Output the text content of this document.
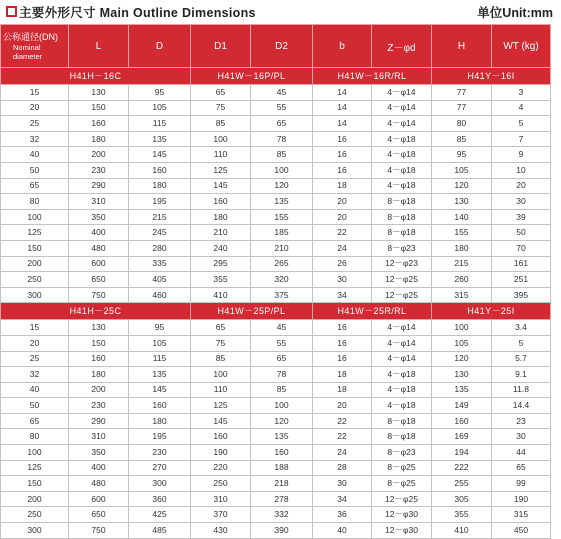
主要外形尺寸 Main Outline Dimensions	单位Unit:mm
公称通径(DN)
Nominal diameter	L	D	D1	D2	b	Z－φd	H	WT (kg)
H41H－16C			H41W－16P/PL		H41W－16R/RL		H41Y－16I	
15	130	95	65	45	14	4－φ14	77	3
20	150	105	75	55	14	4－φ14	77	4
25	160	115	85	65	14	4－φ14	80	5
32	180	135	100	78	16	4－φ18	85	7
40	200	145	110	85	16	4－φ18	95	9
50	230	160	125	100	16	4－φ18	105	10
65	290	180	145	120	18	4－φ18	120	20
80	310	195	160	135	20	8－φ18	130	30
100	350	215	180	155	20	8－φ18	140	39
125	400	245	210	185	22	8－φ18	155	50
150	480	280	240	210	24	8－φ23	180	70
200	600	335	295	265	26	12－φ23	215	161
250	650	405	355	320	30	12－φ25	260	251
300	750	460	410	375	34	12－φ25	315	395
H41H－25C			H41W－25P/PL		H41W－25R/RL		H41Y－25I	
15	130	95	65	45	16	4－φ14	100	3.4
20	150	105	75	55	16	4－φ14	105	5
25	160	115	85	65	16	4－φ14	120	5.7
32	180	135	100	78	18	4－φ18	130	9.1
40	200	145	110	85	18	4－φ18	135	11.8
50	230	160	125	100	20	4－φ18	149	14.4
65	290	180	145	120	22	8－φ18	160	23
80	310	195	160	135	22	8－φ18	169	30
100	350	230	190	160	24	8－φ23	194	44
125	400	270	220	188	28	8－φ25	222	65
150	480	300	250	218	30	8－φ25	255	99
200	600	360	310	278	34	12－φ25	305	190
250	650	425	370	332	36	12－φ30	355	315
300	750	485	430	390	40	12－φ30	410	450
